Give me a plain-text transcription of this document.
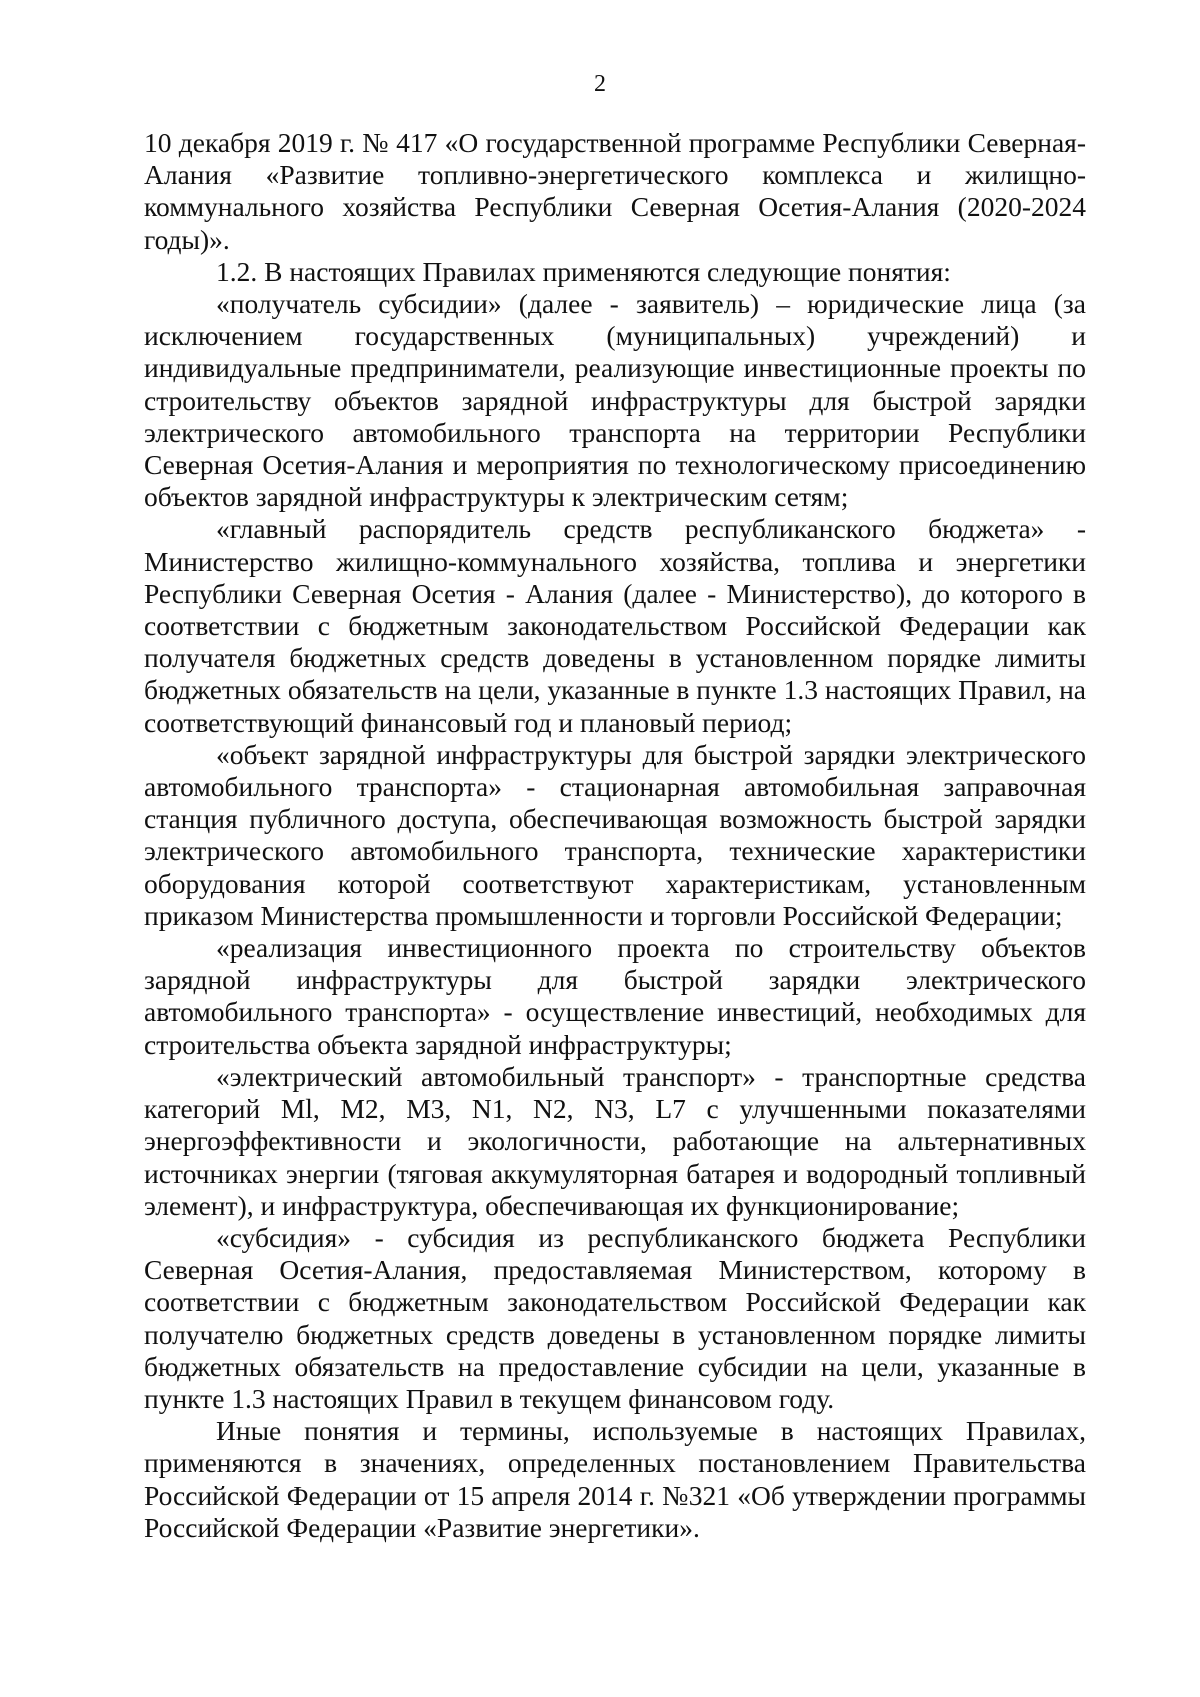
2

10 декабря 2019 г. № 417 «О государственной программе Республики Северная-Алания «Развитие топливно-энергетического комплекса и жилищно-коммунального хозяйства Республики Северная Осетия-Алания (2020-2024 годы)».

1.2. В настоящих Правилах применяются следующие понятия:

«получатель субсидии» (далее - заявитель) – юридические лица (за исключением государственных (муниципальных) учреждений) и индивидуальные предприниматели, реализующие инвестиционные проекты по строительству объектов зарядной инфраструктуры для быстрой зарядки электрического автомобильного транспорта на территории Республики Северная Осетия-Алания и мероприятия по технологическому присоединению объектов зарядной инфраструктуры к электрическим сетям;

«главный распорядитель средств республиканского бюджета» - Министерство жилищно-коммунального хозяйства, топлива и энергетики Республики Северная Осетия - Алания (далее - Министерство), до которого в соответствии с бюджетным законодательством Российской Федерации как получателя бюджетных средств доведены в установленном порядке лимиты бюджетных обязательств на цели, указанные в пункте 1.3 настоящих Правил, на соответствующий финансовый год и плановый период;

«объект зарядной инфраструктуры для быстрой зарядки электрического автомобильного транспорта» - стационарная автомобильная заправочная станция публичного доступа, обеспечивающая возможность быстрой зарядки электрического автомобильного транспорта, технические характеристики оборудования которой соответствуют характеристикам, установленным приказом Министерства промышленности и торговли Российской Федерации;

«реализация инвестиционного проекта по строительству объектов зарядной инфраструктуры для быстрой зарядки электрического автомобильного транспорта» - осуществление инвестиций, необходимых для строительства объекта зарядной инфраструктуры;

«электрический автомобильный транспорт» - транспортные средства категорий Ml, M2, M3, N1, N2, N3, L7 с улучшенными показателями энергоэффективности и экологичности, работающие на альтернативных источниках энергии (тяговая аккумуляторная батарея и водородный топливный элемент), и инфраструктура, обеспечивающая их функционирование;

«субсидия» - субсидия из республиканского бюджета Республики Северная Осетия-Алания, предоставляемая Министерством, которому в соответствии с бюджетным законодательством Российской Федерации как получателю бюджетных средств доведены в установленном порядке лимиты бюджетных обязательств на предоставление субсидии на цели, указанные в пункте 1.3 настоящих Правил в текущем финансовом году.

Иные понятия и термины, используемые в настоящих Правилах, применяются в значениях, определенных постановлением Правительства Российской Федерации от 15 апреля 2014 г. №321 «Об утверждении программы Российской Федерации «Развитие энергетики».
